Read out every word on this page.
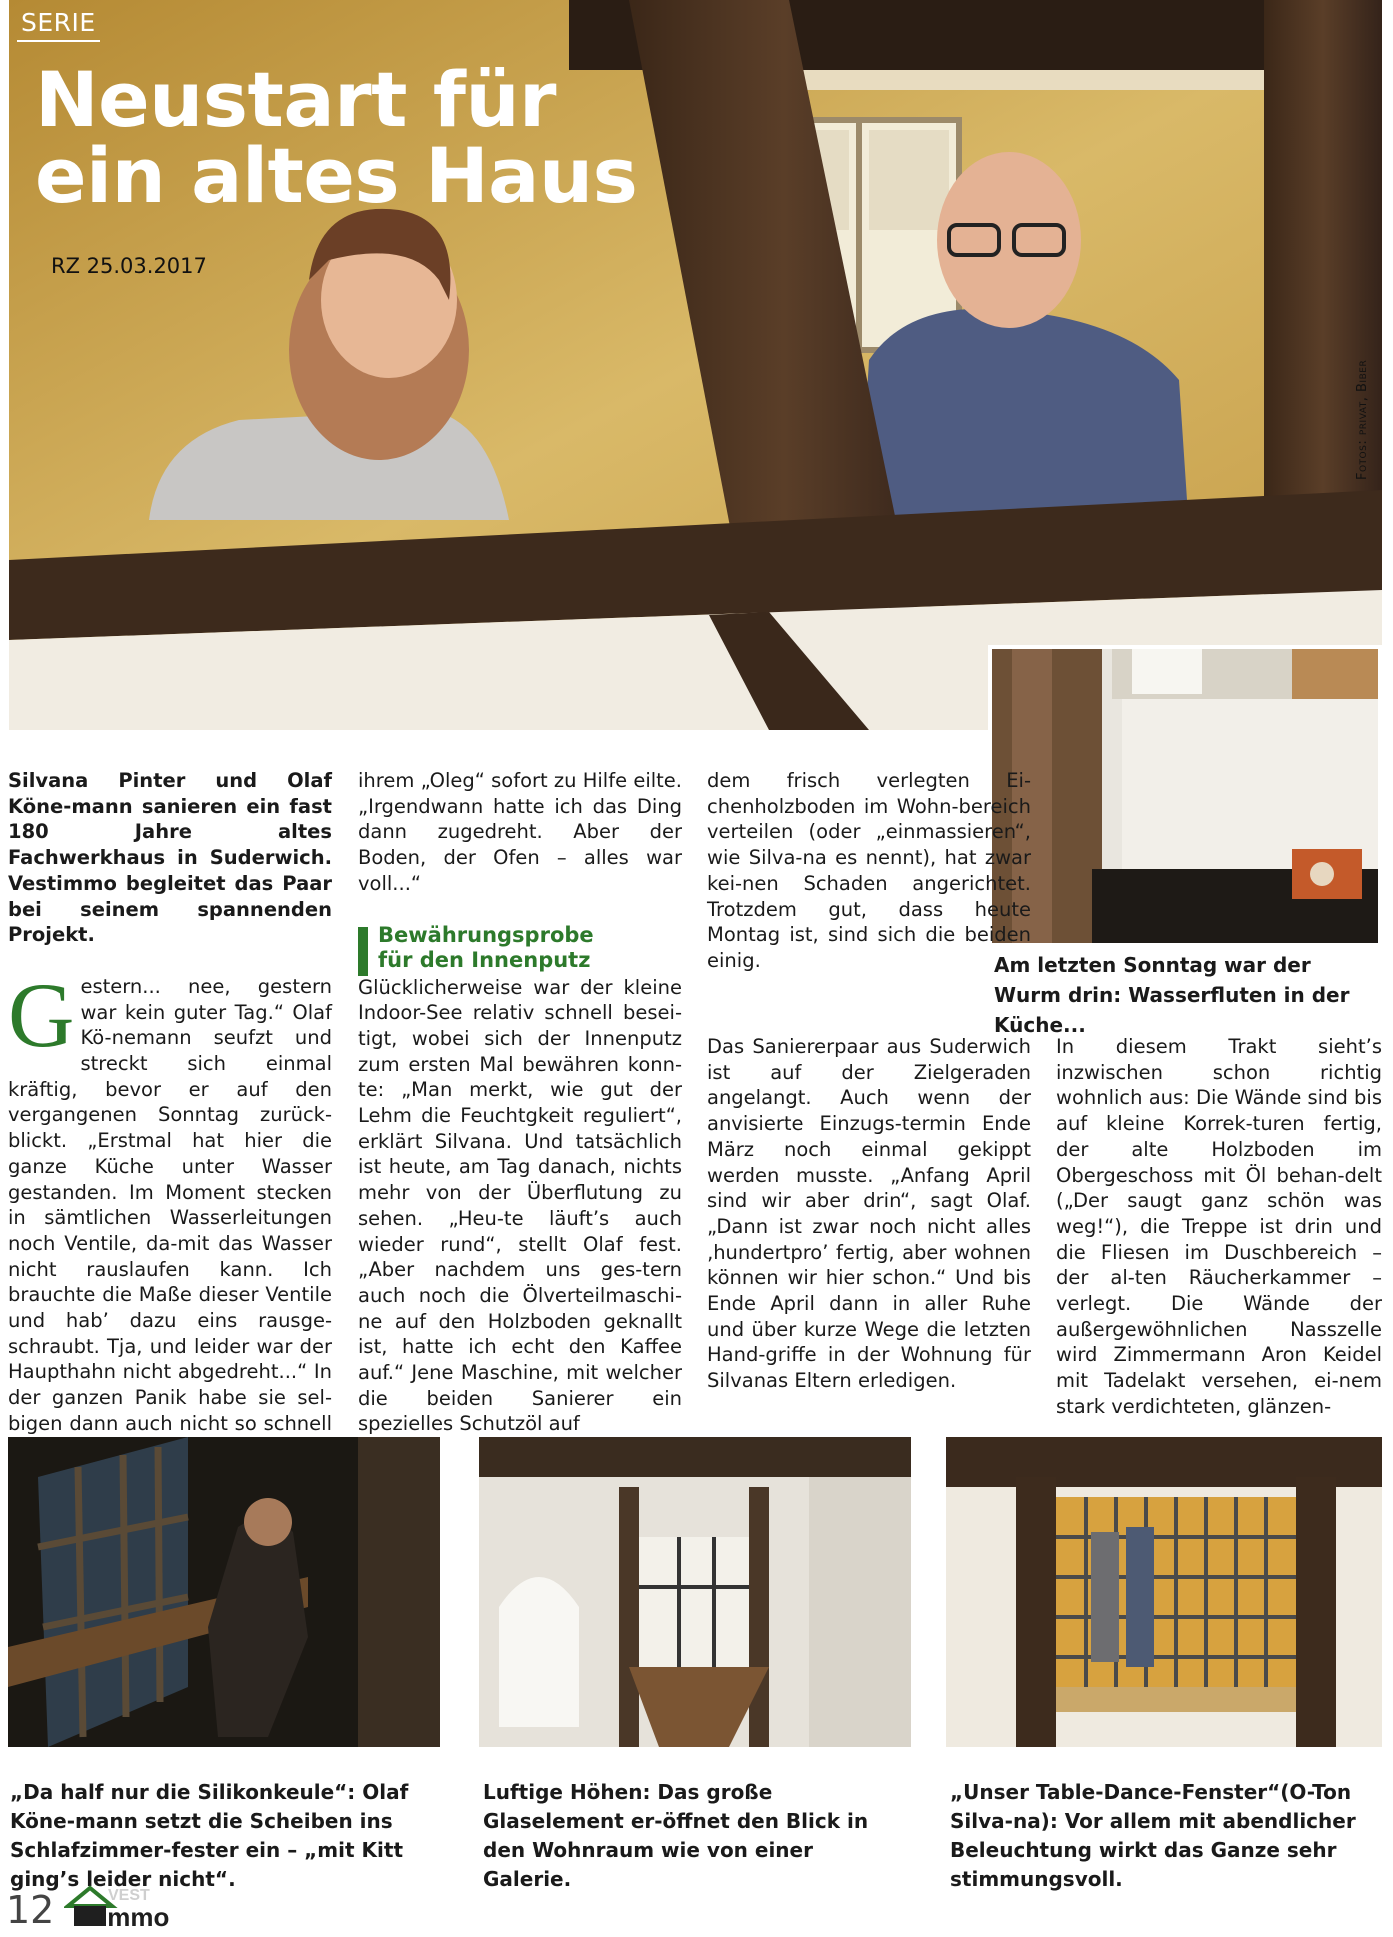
SERIE
Neustart für
ein altes Haus
RZ 25.03.2017
Fotos: privat, Biber
Am letzten Sonntag war der Wurm drin: Wasserfluten in der Küche...

Silvana Pinter und Olaf Köne-mann sanieren ein fast 180 Jahre altes Fachwerkhaus in Suderwich. Vestimmo begleitet das Paar bei seinem spannenden Projekt.

Gestern... nee, gestern war kein guter Tag.“ Olaf Kö-nemann seufzt und streckt sich einmal kräftig, bevor er auf den vergangenen Sonntag zurück-blickt. „Erstmal hat hier die ganze Küche unter Wasser gestanden. Im Moment stecken in sämtlichen Wasserleitungen noch Ventile, da-mit das Wasser nicht rauslaufen kann. Ich brauchte die Maße dieser Ventile und hab’ dazu eins rausge-schraubt. Tja, und leider war der Haupthahn nicht abgedreht...“ In der ganzen Panik habe sie sel-bigen dann auch nicht so schnell

ihrem „Oleg“ sofort zu Hilfe eilte. „Irgendwann hatte ich das Ding dann zugedreht. Aber der Boden, der Ofen – alles war voll...“

Bewährungsprobe
für den Innenputz

Glücklicherweise war der kleine Indoor-See relativ schnell besei-tigt, wobei sich der Innenputz zum ersten Mal bewähren konn-te: „Man merkt, wie gut der Lehm die Feuchtgkeit reguliert“, erklärt Silvana. Und tatsächlich ist heute, am Tag danach, nichts mehr von der Überflutung zu sehen. „Heu-te läuft’s auch wieder rund“, stellt Olaf fest. „Aber nachdem uns ges-tern auch noch die Ölverteilmaschi-ne auf den Holzboden geknallt ist, hatte ich echt den Kaffee auf.“ Jene Maschine, mit welcher die beiden Sanierer ein spezielles Schutzöl auf

dem frisch verlegten Ei-chenholzboden im Wohn-bereich verteilen (oder „einmassieren“, wie Silva-na es nennt), hat zwar kei-nen Schaden angerichtet. Trotzdem gut, dass heute Montag ist, sind sich die beiden einig.

Das Saniererpaar aus Suderwich ist auf der Zielgeraden angelangt. Auch wenn der anvisierte Einzugs-termin Ende März noch einmal gekippt werden musste. „Anfang April sind wir aber drin“, sagt Olaf. „Dann ist zwar noch nicht alles ‚hundertpro’ fertig, aber wohnen können wir hier schon.“ Und bis Ende April dann in aller Ruhe und über kurze Wege die letzten Hand-griffe in der Wohnung für Silvanas Eltern erledigen.

In diesem Trakt sieht’s inzwischen schon richtig wohnlich aus: Die Wände sind bis auf kleine Korrek-turen fertig, der alte Holzboden im Obergeschoss mit Öl behan-delt („Der saugt ganz schön was weg!“), die Treppe ist drin und die Fliesen im Duschbereich – der al-ten Räucherkammer – verlegt. Die Wände der außergewöhnlichen Nasszelle wird Zimmermann Aron Keidel mit Tadelakt versehen, ei-nem stark verdichteten, glänzen-

„Da half nur die Silikonkeule“: Olaf Köne-mann setzt die Scheiben ins Schlafzimmer-fester ein – „mit Kitt ging’s leider nicht“.
Luftige Höhen: Das große Glaselement er-öffnet den Blick in den Wohnraum wie von einer Galerie.
„Unser Table-Dance-Fenster“(O-Ton Silva-na): Vor allem mit abendlicher Beleuchtung wirkt das Ganze sehr stimmungsvoll.
12	VEST
immo
